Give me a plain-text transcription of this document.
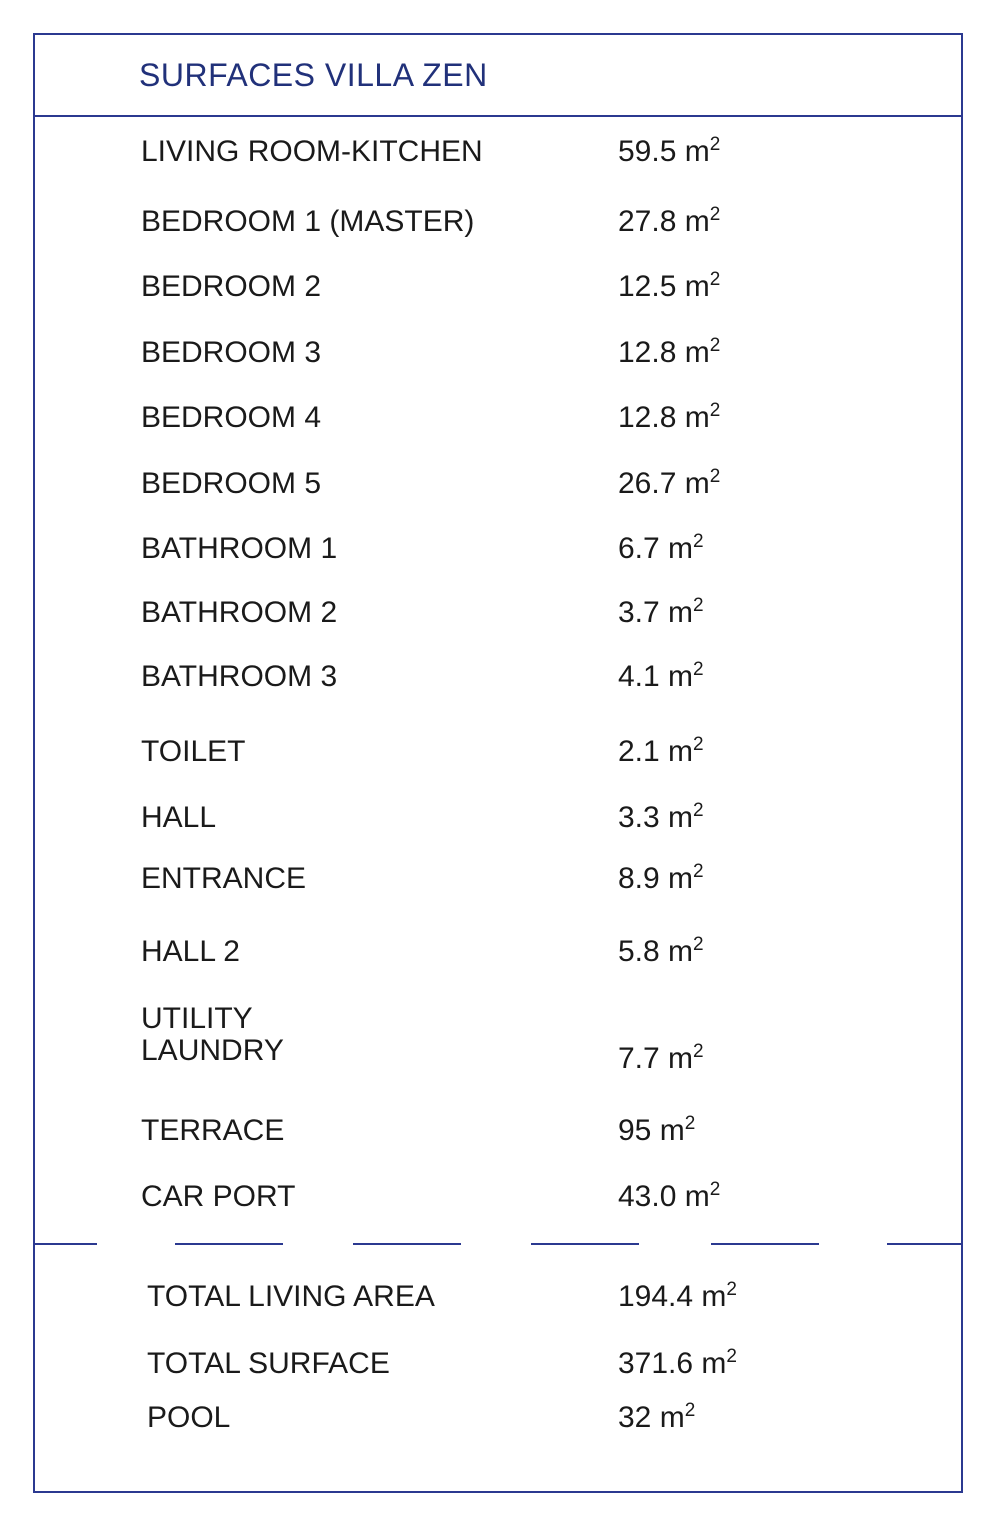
SURFACES VILLA ZEN
LIVING ROOM-KITCHEN	59.5 $m^2$
BEDROOM 1 (MASTER)	27.8 $m^2$
BEDROOM 2	12.5 $m^2$
BEDROOM 3	12.8 $m^2$
BEDROOM 4	12.8 $m^2$
BEDROOM 5	26.7 $m^2$
BATHROOM 1	6.7 $m^2$
BATHROOM 2	3.7 $m^2$
BATHROOM 3	4.1 $m^2$
TOILET	2.1 $m^2$
HALL	3.3 $m^2$
ENTRANCE	8.9 $m^2$
HALL 2	5.8 $m^2$
UTILITY
LAUNDRY	7.7 $m^2$
TERRACE	95 $m^2$
CAR PORT	43.0 $m^2$
TOTAL LIVING AREA	194.4 $m^2$
TOTAL SURFACE	371.6 $m^2$
POOL	32 $m^2$
